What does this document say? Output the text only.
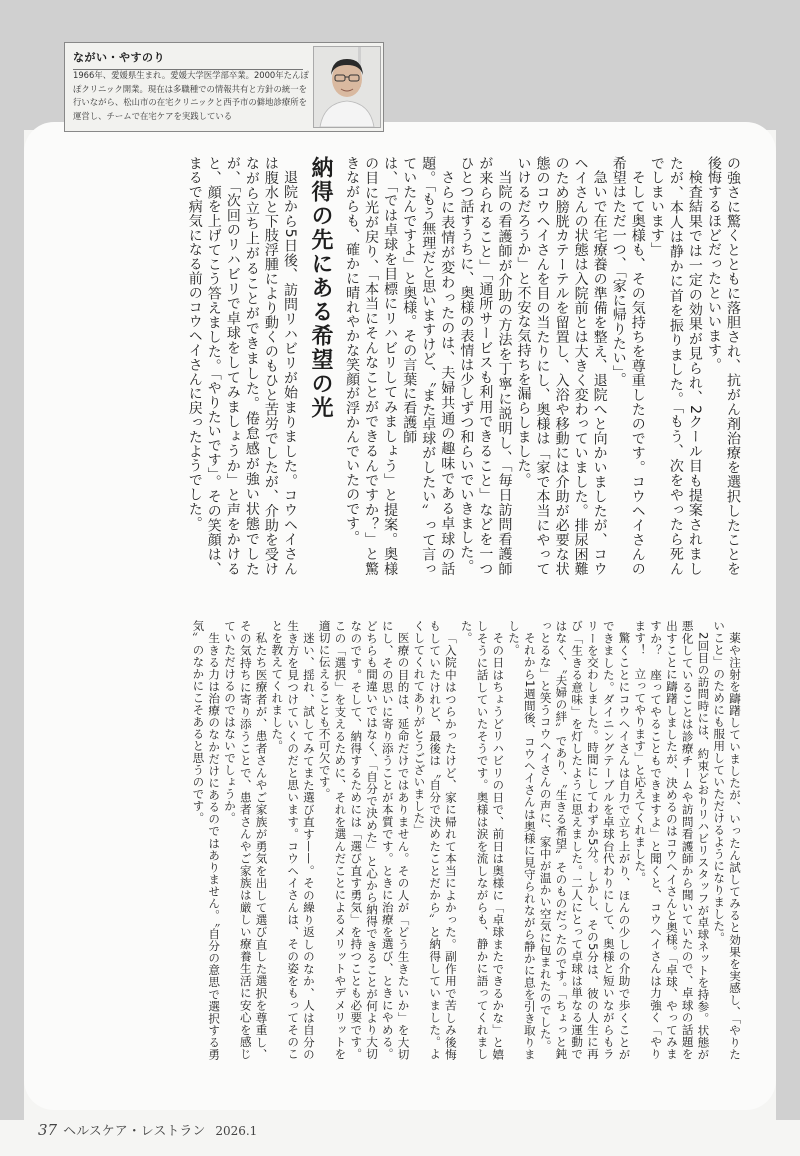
ながい・やすのり
1966年、愛媛県生まれ。愛媛大学医学部卒業。2000年たんぽぽクリニック開業。現在は多職種での情報共有と方針の統一を行いながら、松山市の在宅クリニックと西予市の僻地診療所を運営し、チームで在宅ケアを実践している

の強さに驚くとともに落胆され、抗がん剤治療を選択したことを後悔するほどだったといいます。

検査結果では一定の効果が見られ、2クール目も提案されましたが、本人は静かに首を振りました。「もう、次をやったら死んでしまいます」

そして奥様も、その気持ちを尊重したのです。コウヘイさんの希望はただ一つ、「家に帰りたい」。

急いで在宅療養の準備を整え、退院へと向かいましたが、コウヘイさんの状態は入院前とは大きく変わっていました。排尿困難のため膀胱カテーテルを留置し、入浴や移動には介助が必要な状態のコウヘイさんを目の当たりにし、奥様は「家で本当にやっていけるだろうか」と不安な気持ちを漏らしました。

当院の看護師が介助の方法を丁寧に説明し、「毎日訪問看護師が来られること」「通所サービスも利用できること」などを一つひとつ話すうちに、奥様の表情は少しずつ和らいでいきました。

さらに表情が変わったのは、夫婦共通の趣味である卓球の話題。「もう無理だと思いますけど、〝また卓球がしたい〟って言っていたんですよ」と奥様。その言葉に看護師

は、「では卓球を目標にリハビリしてみましょう」と提案。奥様の目に光が戻り、「本当にそんなことができるんですか？」と驚きながらも、確かに晴れやかな笑顔が浮かんでいたのです。

納得の先にある希望の光

退院から5日後、訪問リハビリが始まりました。コウヘイさんは腹水と下肢浮腫により動くのもひと苦労でしたが、介助を受けながら立ち上がることができました。倦怠感が強い状態でしたが、「次回のリハビリで卓球をしてみましょうか」と声をかけると、顔を上げてこう答えました。「やりたいです」。その笑顔は、まるで病気になる前のコウヘイさんに戻ったようでした。

薬や注射を躊躇していましたが、いったん試してみると効果を実感し、「やりたいこと」のためにも服用していただけるようになりました。

2回目の訪問時には、約束どおりリハビリスタッフが卓球ネットを持参。状態が悪化していることは診療チームや訪問看護師から聞いていたので、卓球の話題を出すことに躊躇しましたが、決めるのはコウヘイさんと奥様。「卓球、やってみますか？　座ってやることもできますよ」と聞くと、コウヘイさんは力強く「やります！　立ってやります」と応えてくれました。

驚くことにコウヘイさんは自力で立ち上がり、ほんの少しの介助で歩くことができました。ダイニングテーブルを卓球台代わりにして、奥様と短いながらもラリーを交わしました。時間にしてわずか5分。しかし、その5分は、彼の人生に再び「生きる意味」を灯したように思えました。二人にとって卓球は単なる運動ではなく、〝夫婦の絆〟であり、〝生きる希望〟そのものだったのです。「ちょっと鈍っとるな」と笑うコウヘイさんの声に、家中が温かい空気に包まれたのでした。

それから1週間後、コウヘイさんは奥様に見守られながら静かに息を引き取りました。

その日はちょうどリハビリの日で、前日は奥様に「卓球またできるかな」と嬉しそうに話していたそうです。奥様は涙を流しながらも、静かに語ってくれました。

「入院中はつらかったけど、家に帰れて本当によかった。副作用で苦しみ後悔もしていたけれど、最後は〝自分で決めたことだから〟と納得していました。よくしてくれてありがとうございました」

医療の目的は、延命だけではありません。その人が「どう生きたいか」を大切にし、その思いに寄り添うことが本質です。ときに治療を選び、ときにやめる。どちらも間違いではなく、「自分で決めた」と心から納得できることが何より大切なのです。そして、納得するためには「選び直す勇気」を持つことも必要です。この「選択」を支えるために、それを選んだことによるメリットやデメリットを適切に伝えることも不可欠です。

迷い、揺れ、試してみてまた選び直す——。その繰り返しのなか、人は自分の生き方を見つけていくのだと思います。コウヘイさんは、その姿をもってそのことを教えてくれました。

私たち医療者が、患者さんやご家族が勇気を出して選び直した選択を尊重し、その気持ちに寄り添うことで、患者さんやご家族は厳しい療養生活に安心を感じていただけるのではないでしょうか。

生きる力は治療のなかだけにあるのではありません。〝自分の意思で選択する勇気〟のなかにこそあると思うのです。

37 ヘルスケア・レストラン 2026.1
